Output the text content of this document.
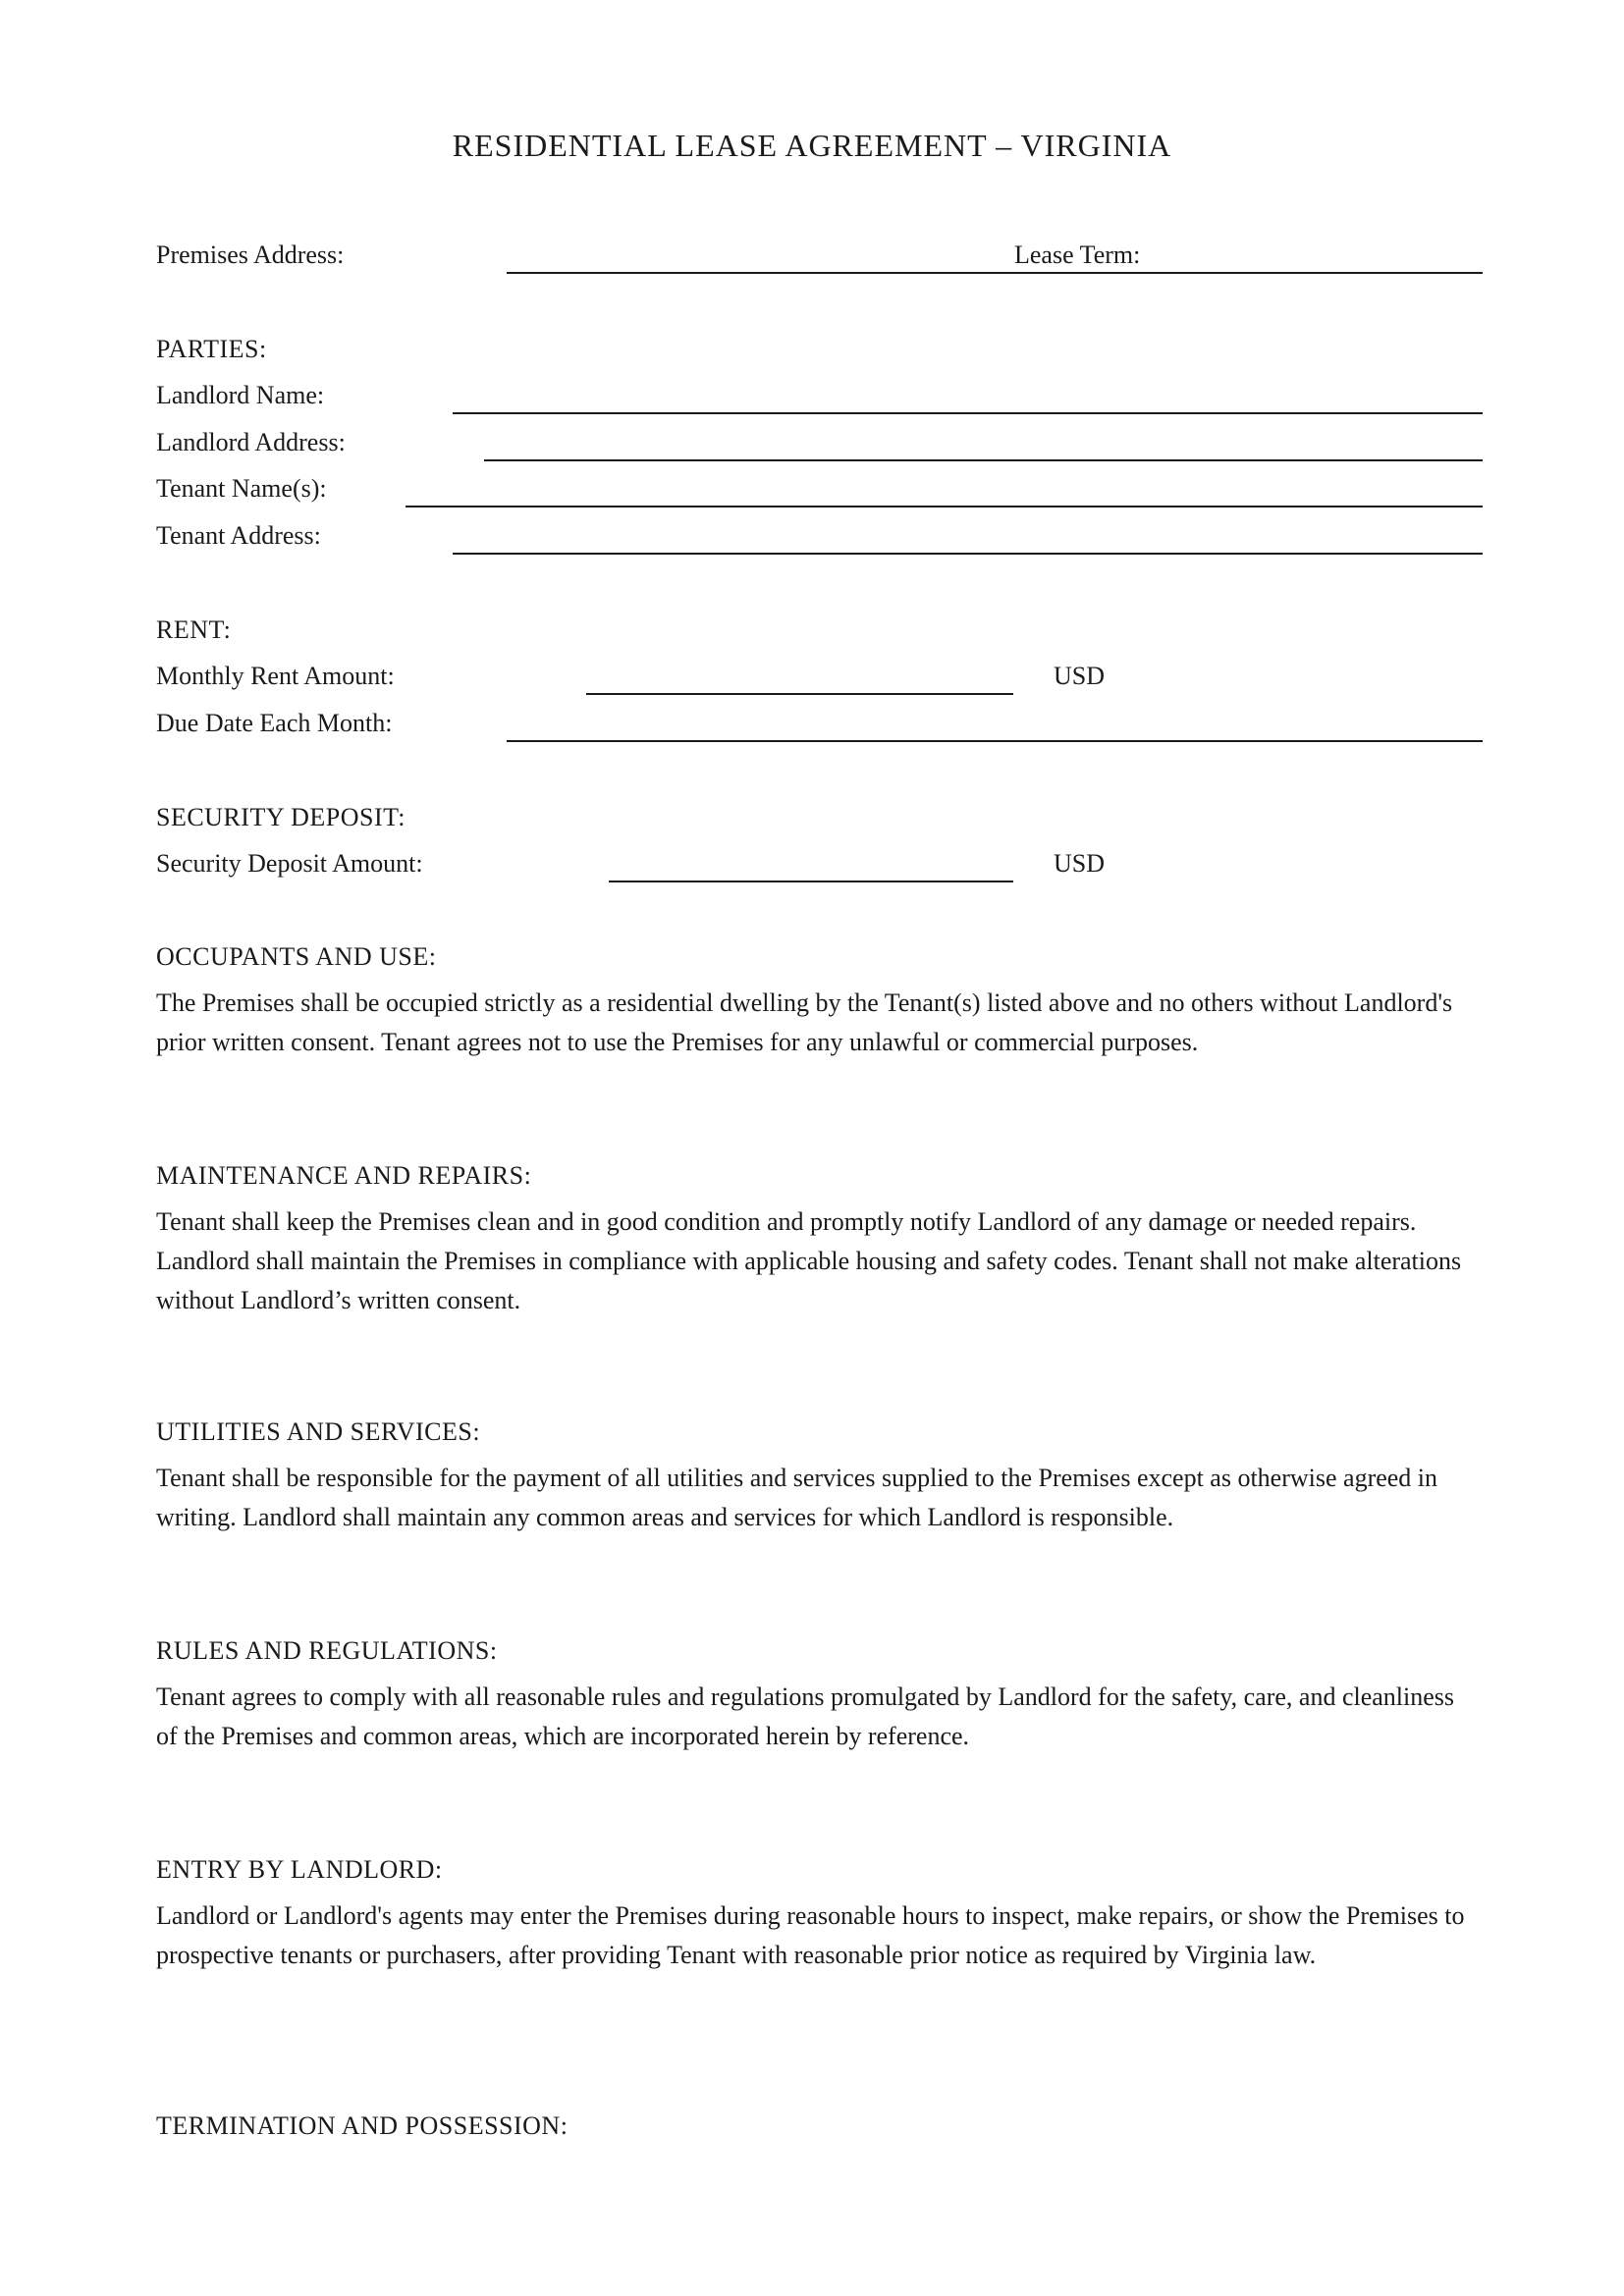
RESIDENTIAL LEASE AGREEMENT – VIRGINIA
Premises Address:	Lease Term:
PARTIES:
Landlord Name:
Landlord Address:
Tenant Name(s):
Tenant Address:
RENT:
Monthly Rent Amount:	USD
Due Date Each Month:
SECURITY DEPOSIT:
Security Deposit Amount:	USD
OCCUPANTS AND USE:
The Premises shall be occupied strictly as a residential dwelling by the Tenant(s) listed above and no others without Landlord's prior written consent. Tenant agrees not to use the Premises for any unlawful or commercial purposes.
MAINTENANCE AND REPAIRS:
Tenant shall keep the Premises clean and in good condition and promptly notify Landlord of any damage or needed repairs. Landlord shall maintain the Premises in compliance with applicable housing and safety codes. Tenant shall not make alterations without Landlord’s written consent.
UTILITIES AND SERVICES:
Tenant shall be responsible for the payment of all utilities and services supplied to the Premises except as otherwise agreed in writing. Landlord shall maintain any common areas and services for which Landlord is responsible.
RULES AND REGULATIONS:
Tenant agrees to comply with all reasonable rules and regulations promulgated by Landlord for the safety, care, and cleanliness of the Premises and common areas, which are incorporated herein by reference.
ENTRY BY LANDLORD:
Landlord or Landlord's agents may enter the Premises during reasonable hours to inspect, make repairs, or show the Premises to prospective tenants or purchasers, after providing Tenant with reasonable prior notice as required by Virginia law.
TERMINATION AND POSSESSION:
